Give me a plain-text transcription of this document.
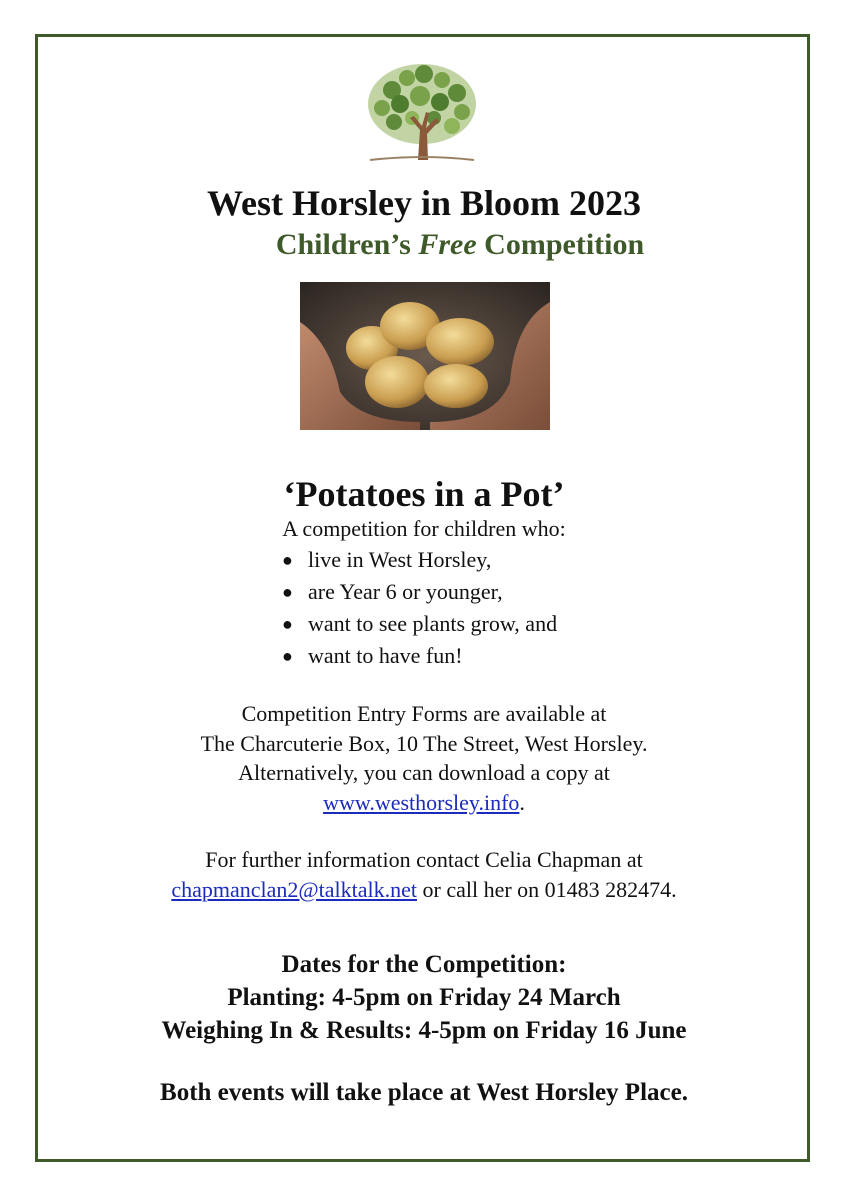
West Horsley in Bloom 2023
Children’s Free Competition
‘Potatoes in a Pot’
A competition for children who:
● live in West Horsley,
● are Year 6 or younger,
● want to see plants grow, and
● want to have fun!
Competition Entry Forms are available at
The Charcuterie Box, 10 The Street, West Horsley.
Alternatively, you can download a copy at
www.westhorsley.info.
For further information contact Celia Chapman at
chapmanclan2@talktalk.net or call her on 01483 282474.
Dates for the Competition:
Planting: 4-5pm on Friday 24 March
Weighing In & Results: 4-5pm on Friday 16 June
Both events will take place at West Horsley Place.
